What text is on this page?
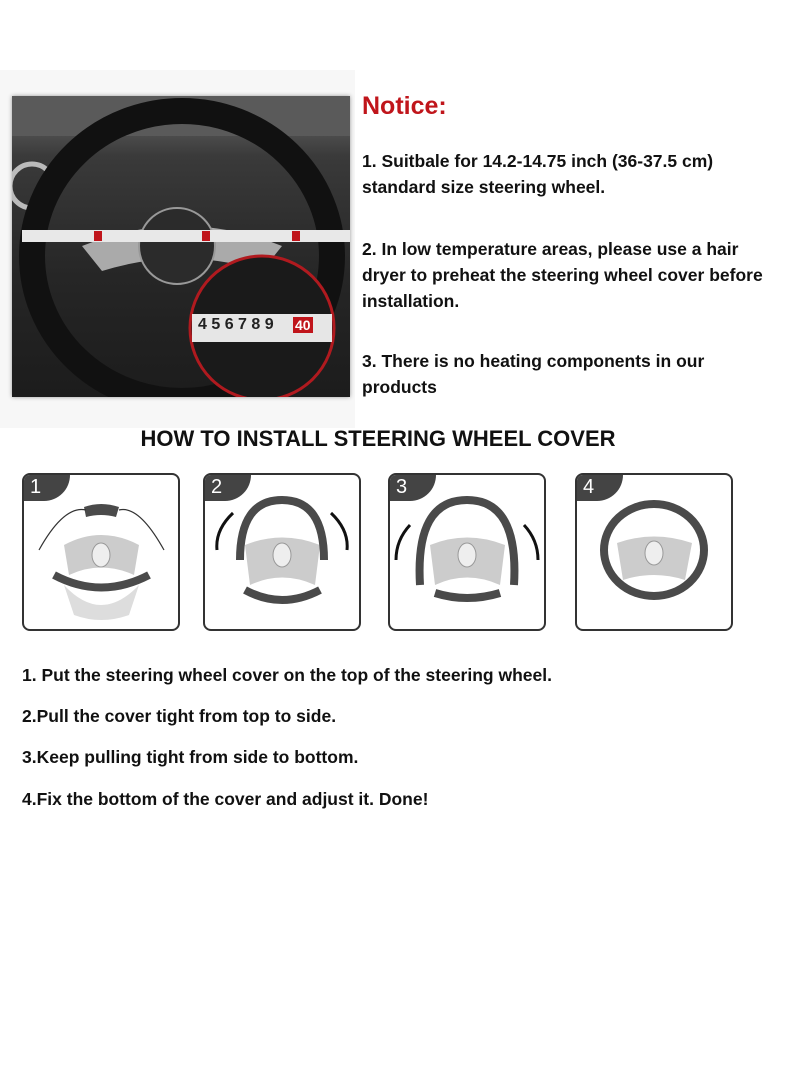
4 5 6 7 8 9 40
Notice:
1. Suitbale for 14.2-14.75 inch (36-37.5 cm) standard size steering wheel.
2. In low temperature areas, please use a hair dryer to preheat the steering wheel cover before installation.
3. There is no heating components in our products
HOW TO INSTALL STEERING WHEEL COVER
1	2	3	4
1. Put the steering wheel cover on the top of the steering wheel.
2.Pull the cover tight from top to side.
3.Keep pulling tight from side to bottom.
4.Fix the bottom of the cover and adjust it. Done!
